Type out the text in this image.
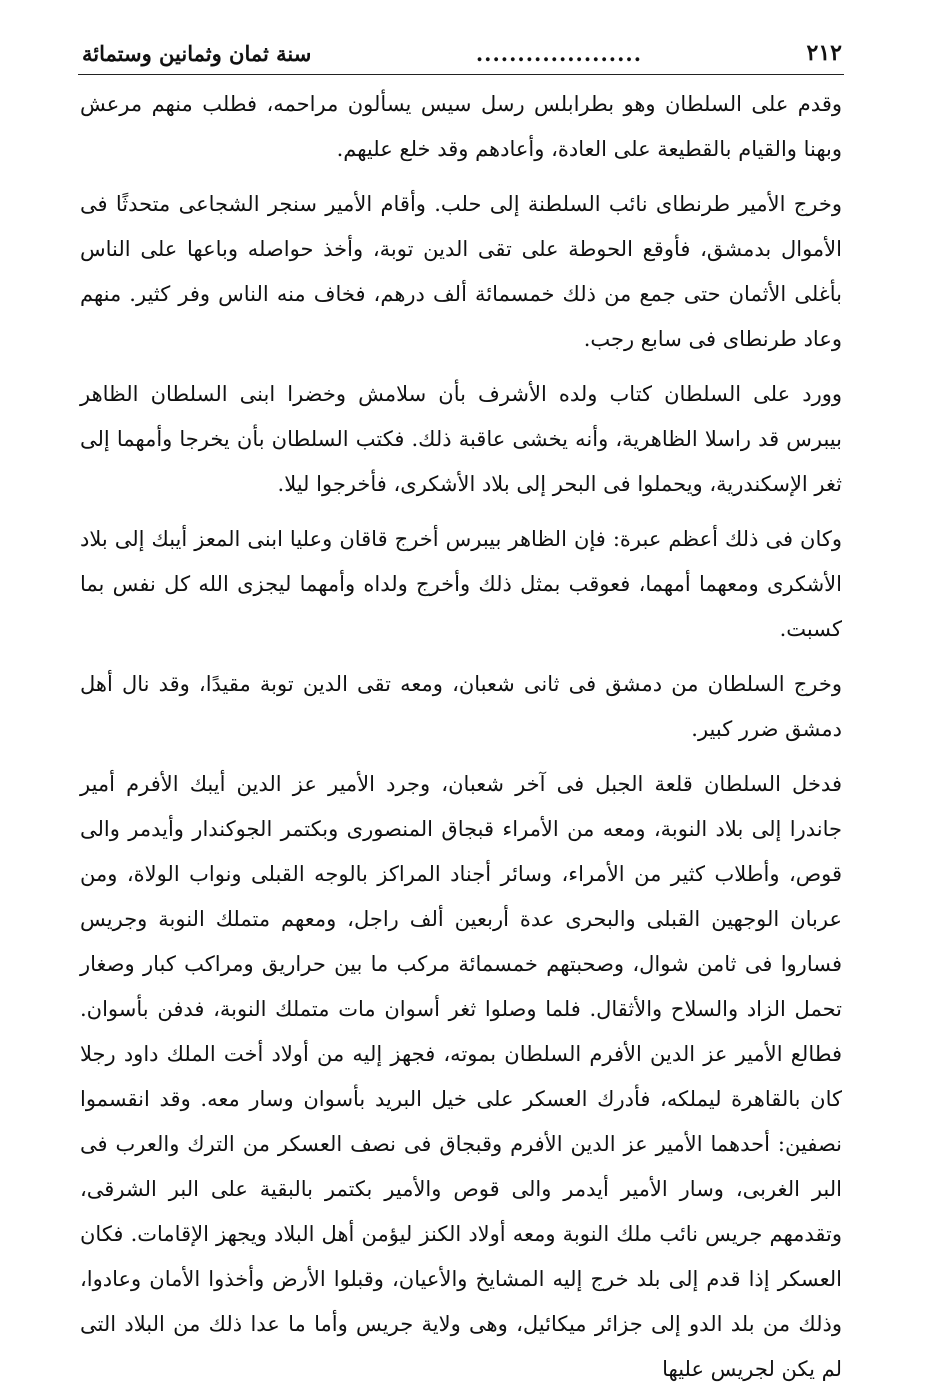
٢١٢
....................
سنة ثمان وثمانين وستمائة

وقدم على السلطان وهو بطرابلس رسل سيس يسألون مراحمه، فطلب منهم مرعش وبهنا والقيام بالقطيعة على العادة، وأعادهم وقد خلع عليهم.

وخرج الأمير طرنطاى نائب السلطنة إلى حلب. وأقام الأمير سنجر الشجاعى متحدثًا فى الأموال بدمشق، فأوقع الحوطة على تقى الدين توبة، وأخذ حواصله وباعها على الناس بأغلى الأثمان حتى جمع من ذلك خمسمائة ألف درهم، فخاف منه الناس وفر كثير. منهم وعاد طرنطاى فى سابع رجب.

وورد على السلطان كتاب ولده الأشرف بأن سلامش وخضرا ابنى السلطان الظاهر بيبرس قد راسلا الظاهرية، وأنه يخشى عاقبة ذلك. فكتب السلطان بأن يخرجا وأمهما إلى ثغر الإسكندرية، ويحملوا فى البحر إلى بلاد الأشكرى، فأخرجوا ليلا.

وكان فى ذلك أعظم عبرة: فإن الظاهر بيبرس أخرج قاقان وعليا ابنى المعز أيبك إلى بلاد الأشكرى ومعهما أمهما، فعوقب بمثل ذلك وأخرج ولداه وأمهما ليجزى الله كل نفس بما كسبت.

وخرج السلطان من دمشق فى ثانى شعبان، ومعه تقى الدين توبة مقيدًا، وقد نال أهل دمشق ضرر كبير.

فدخل السلطان قلعة الجبل فى آخر شعبان، وجرد الأمير عز الدين أيبك الأفرم أمير جاندرا إلى بلاد النوبة، ومعه من الأمراء قبجاق المنصورى وبكتمر الجوكندار وأيدمر والى قوص، وأطلاب كثير من الأمراء، وسائر أجناد المراكز بالوجه القبلى ونواب الولاة، ومن عربان الوجهين القبلى والبحرى عدة أربعين ألف راجل، ومعهم متملك النوبة وجريس فساروا فى ثامن شوال، وصحبتهم خمسمائة مركب ما بين حراريق ومراكب كبار وصغار تحمل الزاد والسلاح والأثقال. فلما وصلوا ثغر أسوان مات متملك النوبة، فدفن بأسوان. فطالع الأمير عز الدين الأفرم السلطان بموته، فجهز إليه من أولاد أخت الملك داود رجلا كان بالقاهرة ليملكه، فأدرك العسكر على خيل البريد بأسوان وسار معه. وقد انقسموا نصفين: أحدهما الأمير عز الدين الأفرم وقبجاق فى نصف العسكر من الترك والعرب فى البر الغربى، وسار الأمير أيدمر والى قوص والأمير بكتمر بالبقية على البر الشرقى، وتقدمهم جريس نائب ملك النوبة ومعه أولاد الكنز ليؤمن أهل البلاد ويجهز الإقامات. فكان العسكر إذا قدم إلى بلد خرج إليه المشايخ والأعيان، وقبلوا الأرض وأخذوا الأمان وعادوا، وذلك من بلد الدو إلى جزائر ميكائيل، وهى ولاية جريس وأما ما عدا ذلك من البلاد التى لم يكن لجريس عليها
